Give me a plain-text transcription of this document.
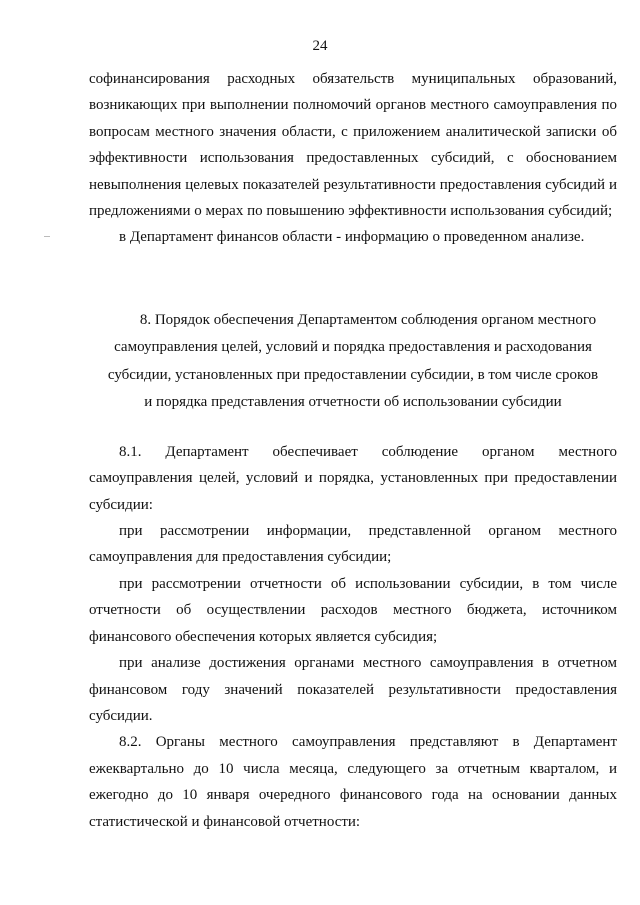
24

софинансирования расходных обязательств муниципальных образований, возникающих при выполнении полномочий органов местного самоуправления по вопросам местного значения области, с приложением аналитической записки об эффективности использования предоставленных субсидий, с обоснованием невыполнения целевых показателей результативности предоставления субсидий и предложениями о мерах по повышению эффективности использования субсидий;

в Департамент финансов области - информацию о проведенном анализе.

8. Порядок обеспечения Департаментом соблюдения органом местного самоуправления целей, условий и порядка предоставления и расходования субсидии, установленных при предоставлении субсидии, в том числе сроков и порядка представления отчетности об использовании субсидии

8.1. Департамент обеспечивает соблюдение органом местного самоуправления целей, условий и порядка, установленных при предоставлении субсидии:

при рассмотрении информации, представленной органом местного самоуправления для предоставления субсидии;

при рассмотрении отчетности об использовании субсидии, в том числе отчетности об осуществлении расходов местного бюджета, источником финансового обеспечения которых является субсидия;

при анализе достижения органами местного самоуправления в отчетном финансовом году значений показателей результативности предоставления субсидии.

8.2. Органы местного самоуправления представляют в Департамент ежеквартально до 10 числа месяца, следующего за отчетным кварталом, и ежегодно до 10 января очередного финансового года на основании данных статистической и финансовой отчетности:
